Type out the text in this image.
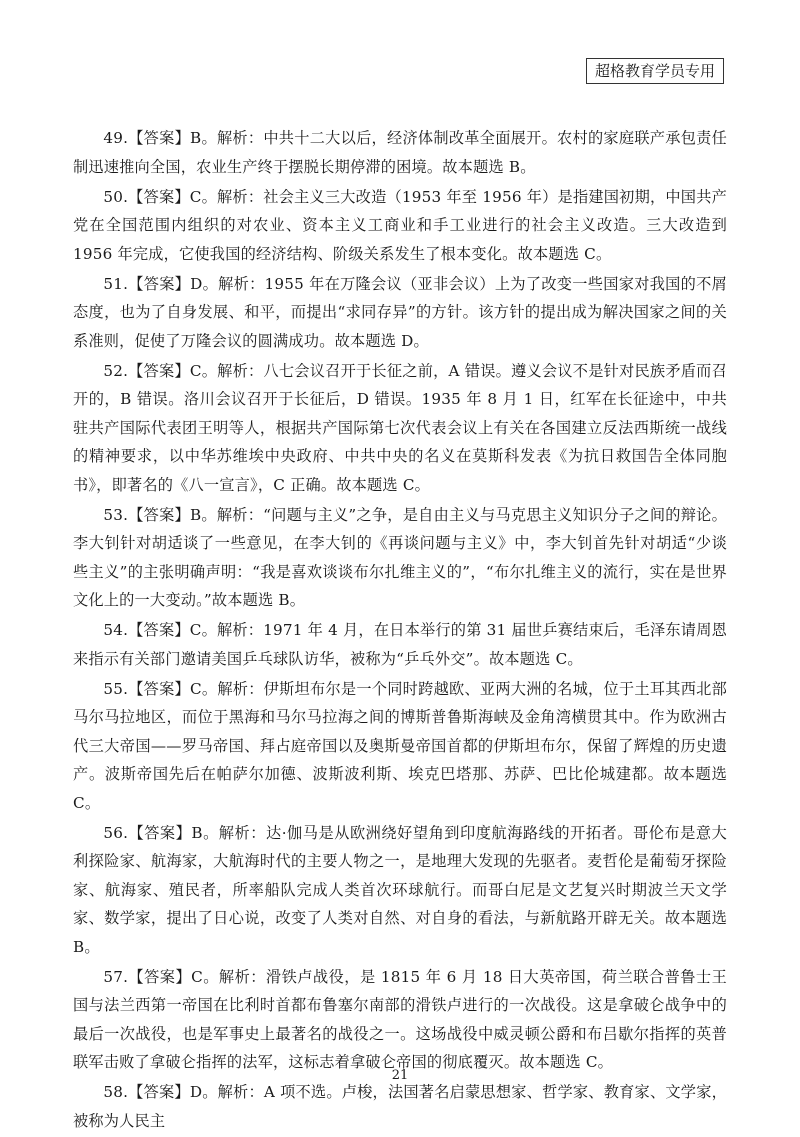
超格教育学员专用

49.【答案】B。解析：中共十二大以后，经济体制改革全面展开。农村的家庭联产承包责任制迅速推向全国，农业生产终于摆脱长期停滞的困境。故本题选 B。

50.【答案】C。解析：社会主义三大改造（1953 年至 1956 年）是指建国初期，中国共产党在全国范围内组织的对农业、资本主义工商业和手工业进行的社会主义改造。三大改造到 1956 年完成，它使我国的经济结构、阶级关系发生了根本变化。故本题选 C。

51.【答案】D。解析：1955 年在万隆会议（亚非会议）上为了改变一些国家对我国的不屑态度，也为了自身发展、和平，而提出“求同存异”的方针。该方针的提出成为解决国家之间的关系准则，促使了万隆会议的圆满成功。故本题选 D。

52.【答案】C。解析：八七会议召开于长征之前，A 错误。遵义会议不是针对民族矛盾而召开的，B 错误。洛川会议召开于长征后，D 错误。1935 年 8 月 1 日，红军在长征途中，中共驻共产国际代表团王明等人，根据共产国际第七次代表会议上有关在各国建立反法西斯统一战线的精神要求，以中华苏维埃中央政府、中共中央的名义在莫斯科发表《为抗日救国告全体同胞书》，即著名的《八一宣言》，C 正确。故本题选 C。

53.【答案】B。解析：“问题与主义”之争，是自由主义与马克思主义知识分子之间的辩论。李大钊针对胡适谈了一些意见，在李大钊的《再谈问题与主义》中，李大钊首先针对胡适“少谈些主义”的主张明确声明：“我是喜欢谈谈布尔扎维主义的”，“布尔扎维主义的流行，实在是世界文化上的一大变动。”故本题选 B。

54.【答案】C。解析：1971 年 4 月，在日本举行的第 31 届世乒赛结束后，毛泽东请周恩来指示有关部门邀请美国乒乓球队访华，被称为“乒乓外交”。故本题选 C。

55.【答案】C。解析：伊斯坦布尔是一个同时跨越欧、亚两大洲的名城，位于土耳其西北部马尔马拉地区，而位于黑海和马尔马拉海之间的博斯普鲁斯海峡及金角湾横贯其中。作为欧洲古代三大帝国——罗马帝国、拜占庭帝国以及奥斯曼帝国首都的伊斯坦布尔，保留了辉煌的历史遗产。波斯帝国先后在帕萨尔加德、波斯波利斯、埃克巴塔那、苏萨、巴比伦城建都。故本题选 C。

56.【答案】B。解析：达·伽马是从欧洲绕好望角到印度航海路线的开拓者。哥伦布是意大利探险家、航海家，大航海时代的主要人物之一，是地理大发现的先驱者。麦哲伦是葡萄牙探险家、航海家、殖民者，所率船队完成人类首次环球航行。而哥白尼是文艺复兴时期波兰天文学家、数学家，提出了日心说，改变了人类对自然、对自身的看法，与新航路开辟无关。故本题选 B。

57.【答案】C。解析：滑铁卢战役，是 1815 年 6 月 18 日大英帝国，荷兰联合普鲁士王国与法兰西第一帝国在比利时首都布鲁塞尔南部的滑铁卢进行的一次战役。这是拿破仑战争中的最后一次战役，也是军事史上最著名的战役之一。这场战役中威灵顿公爵和布吕歇尔指挥的英普联军击败了拿破仑指挥的法军，这标志着拿破仑帝国的彻底覆灭。故本题选 C。

58.【答案】D。解析：A 项不选。卢梭，法国著名启蒙思想家、哲学家、教育家、文学家，被称为人民主

21
